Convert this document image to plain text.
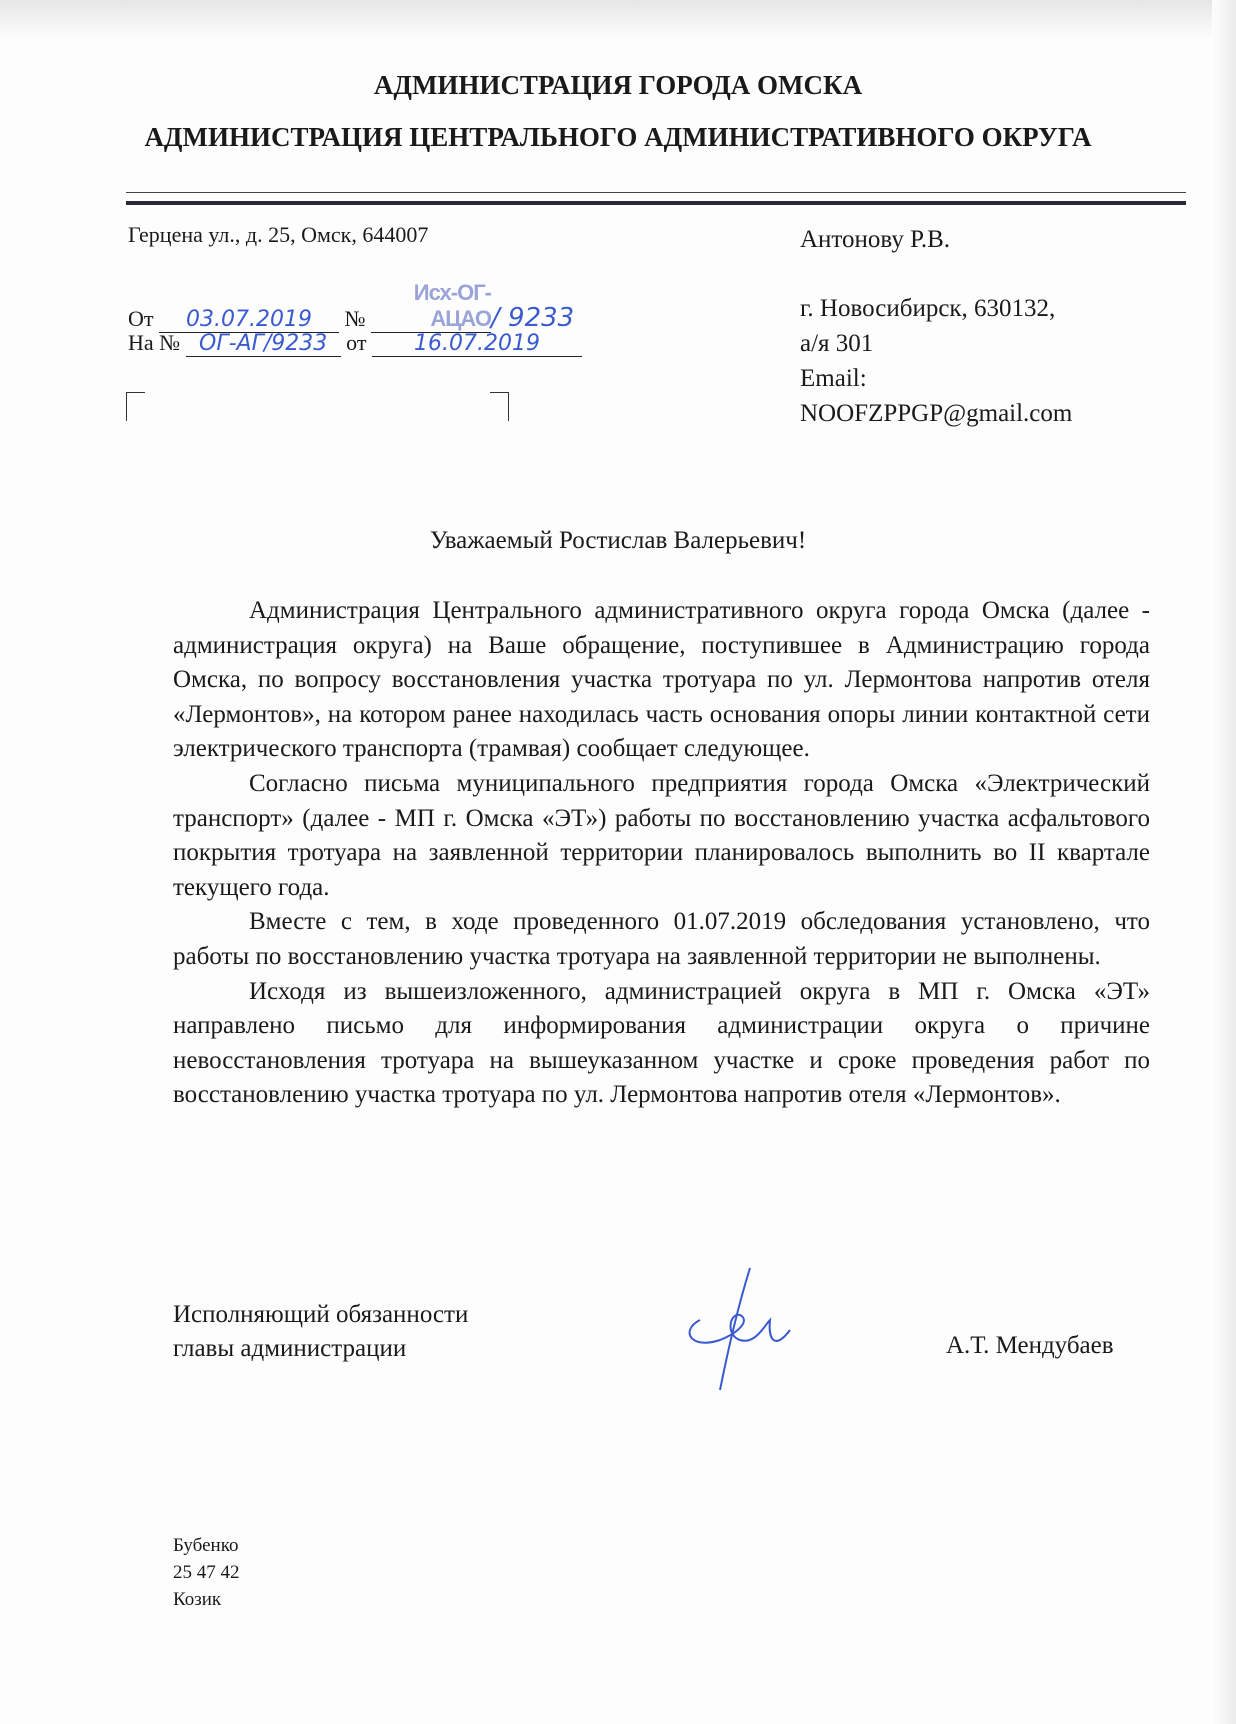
АДМИНИСТРАЦИЯ ГОРОДА ОМСКА
АДМИНИСТРАЦИЯ ЦЕНТРАЛЬНОГО АДМИНИСТРАТИВНОГО ОКРУГА
Герцена ул., д. 25, Омск, 644007
От 03.07.2019 № Исх-ОГ-АЦАО/ 9233
На № ОГ-АГ/9233 от 16.07.2019
Антонову Р.В.
г. Новосибирск, 630132,
а/я 301
Email:
NOOFZPPGP@gmail.com
Уважаемый Ростислав Валерьевич!

Администрация Центрального административного округа города Омска (далее - администрация округа) на Ваше обращение, поступившее в Администрацию города Омска, по вопросу восстановления участка тротуара по ул. Лермонтова напротив отеля «Лермонтов», на котором ранее находилась часть основания опоры линии контактной сети электрического транспорта (трамвая) сообщает следующее.

Согласно письма муниципального предприятия города Омска «Электрический транспорт» (далее - МП г. Омска «ЭТ») работы по восстановлению участка асфальтового покрытия тротуара на заявленной территории планировалось выполнить во II квартале текущего года.

Вместе с тем, в ходе проведенного 01.07.2019 обследования установлено, что работы по восстановлению участка тротуара на заявленной территории не выполнены.

Исходя из вышеизложенного, администрацией округа в МП г. Омска «ЭТ» направлено письмо для информирования администрации округа о причине невосстановления тротуара на вышеуказанном участке и сроке проведения работ по восстановлению участка тротуара по ул. Лермонтова напротив отеля «Лермонтов».

Исполняющий обязанности
главы администрации	А.Т. Мендубаев
Бубенко
25 47 42
Козик
